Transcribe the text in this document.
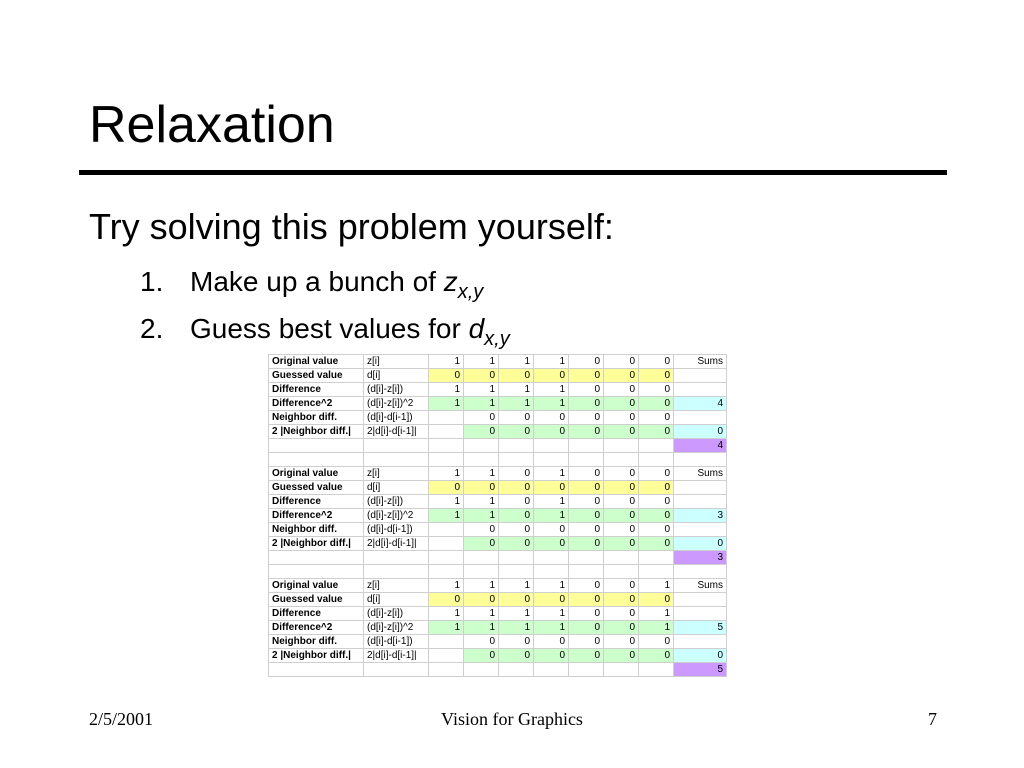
Relaxation
Try solving this problem yourself:
1. Make up a bunch of $z_{x,y}$
2. Guess best values for $d_{x,y}$
Original value	z[i]	1	1	1	1	0	0	0	Sums
Guessed value	d[i]	0	0	0	0	0	0	0	
Difference	(d[i]-z[i])	1	1	1	1	0	0	0	
Difference^2	(d[i]-z[i])^2	1	1	1	1	0	0	0	4
Neighbor diff.	(d[i]-d[i-1])		0	0	0	0	0	0	
2 |Neighbor diff.|	2|d[i]-d[i-1]|		0	0	0	0	0	0	0
									4

Original value	z[i]	1	1	0	1	0	0	0	Sums
Guessed value	d[i]	0	0	0	0	0	0	0	
Difference	(d[i]-z[i])	1	1	0	1	0	0	0	
Difference^2	(d[i]-z[i])^2	1	1	0	1	0	0	0	3
Neighbor diff.	(d[i]-d[i-1])		0	0	0	0	0	0	
2 |Neighbor diff.|	2|d[i]-d[i-1]|		0	0	0	0	0	0	0
									3

Original value	z[i]	1	1	1	1	0	0	1	Sums
Guessed value	d[i]	0	0	0	0	0	0	0	
Difference	(d[i]-z[i])	1	1	1	1	0	0	1	
Difference^2	(d[i]-z[i])^2	1	1	1	1	0	0	1	5
Neighbor diff.	(d[i]-d[i-1])		0	0	0	0	0	0	
2 |Neighbor diff.|	2|d[i]-d[i-1]|		0	0	0	0	0	0	0
									5
2/5/2001	Vision for Graphics	7
